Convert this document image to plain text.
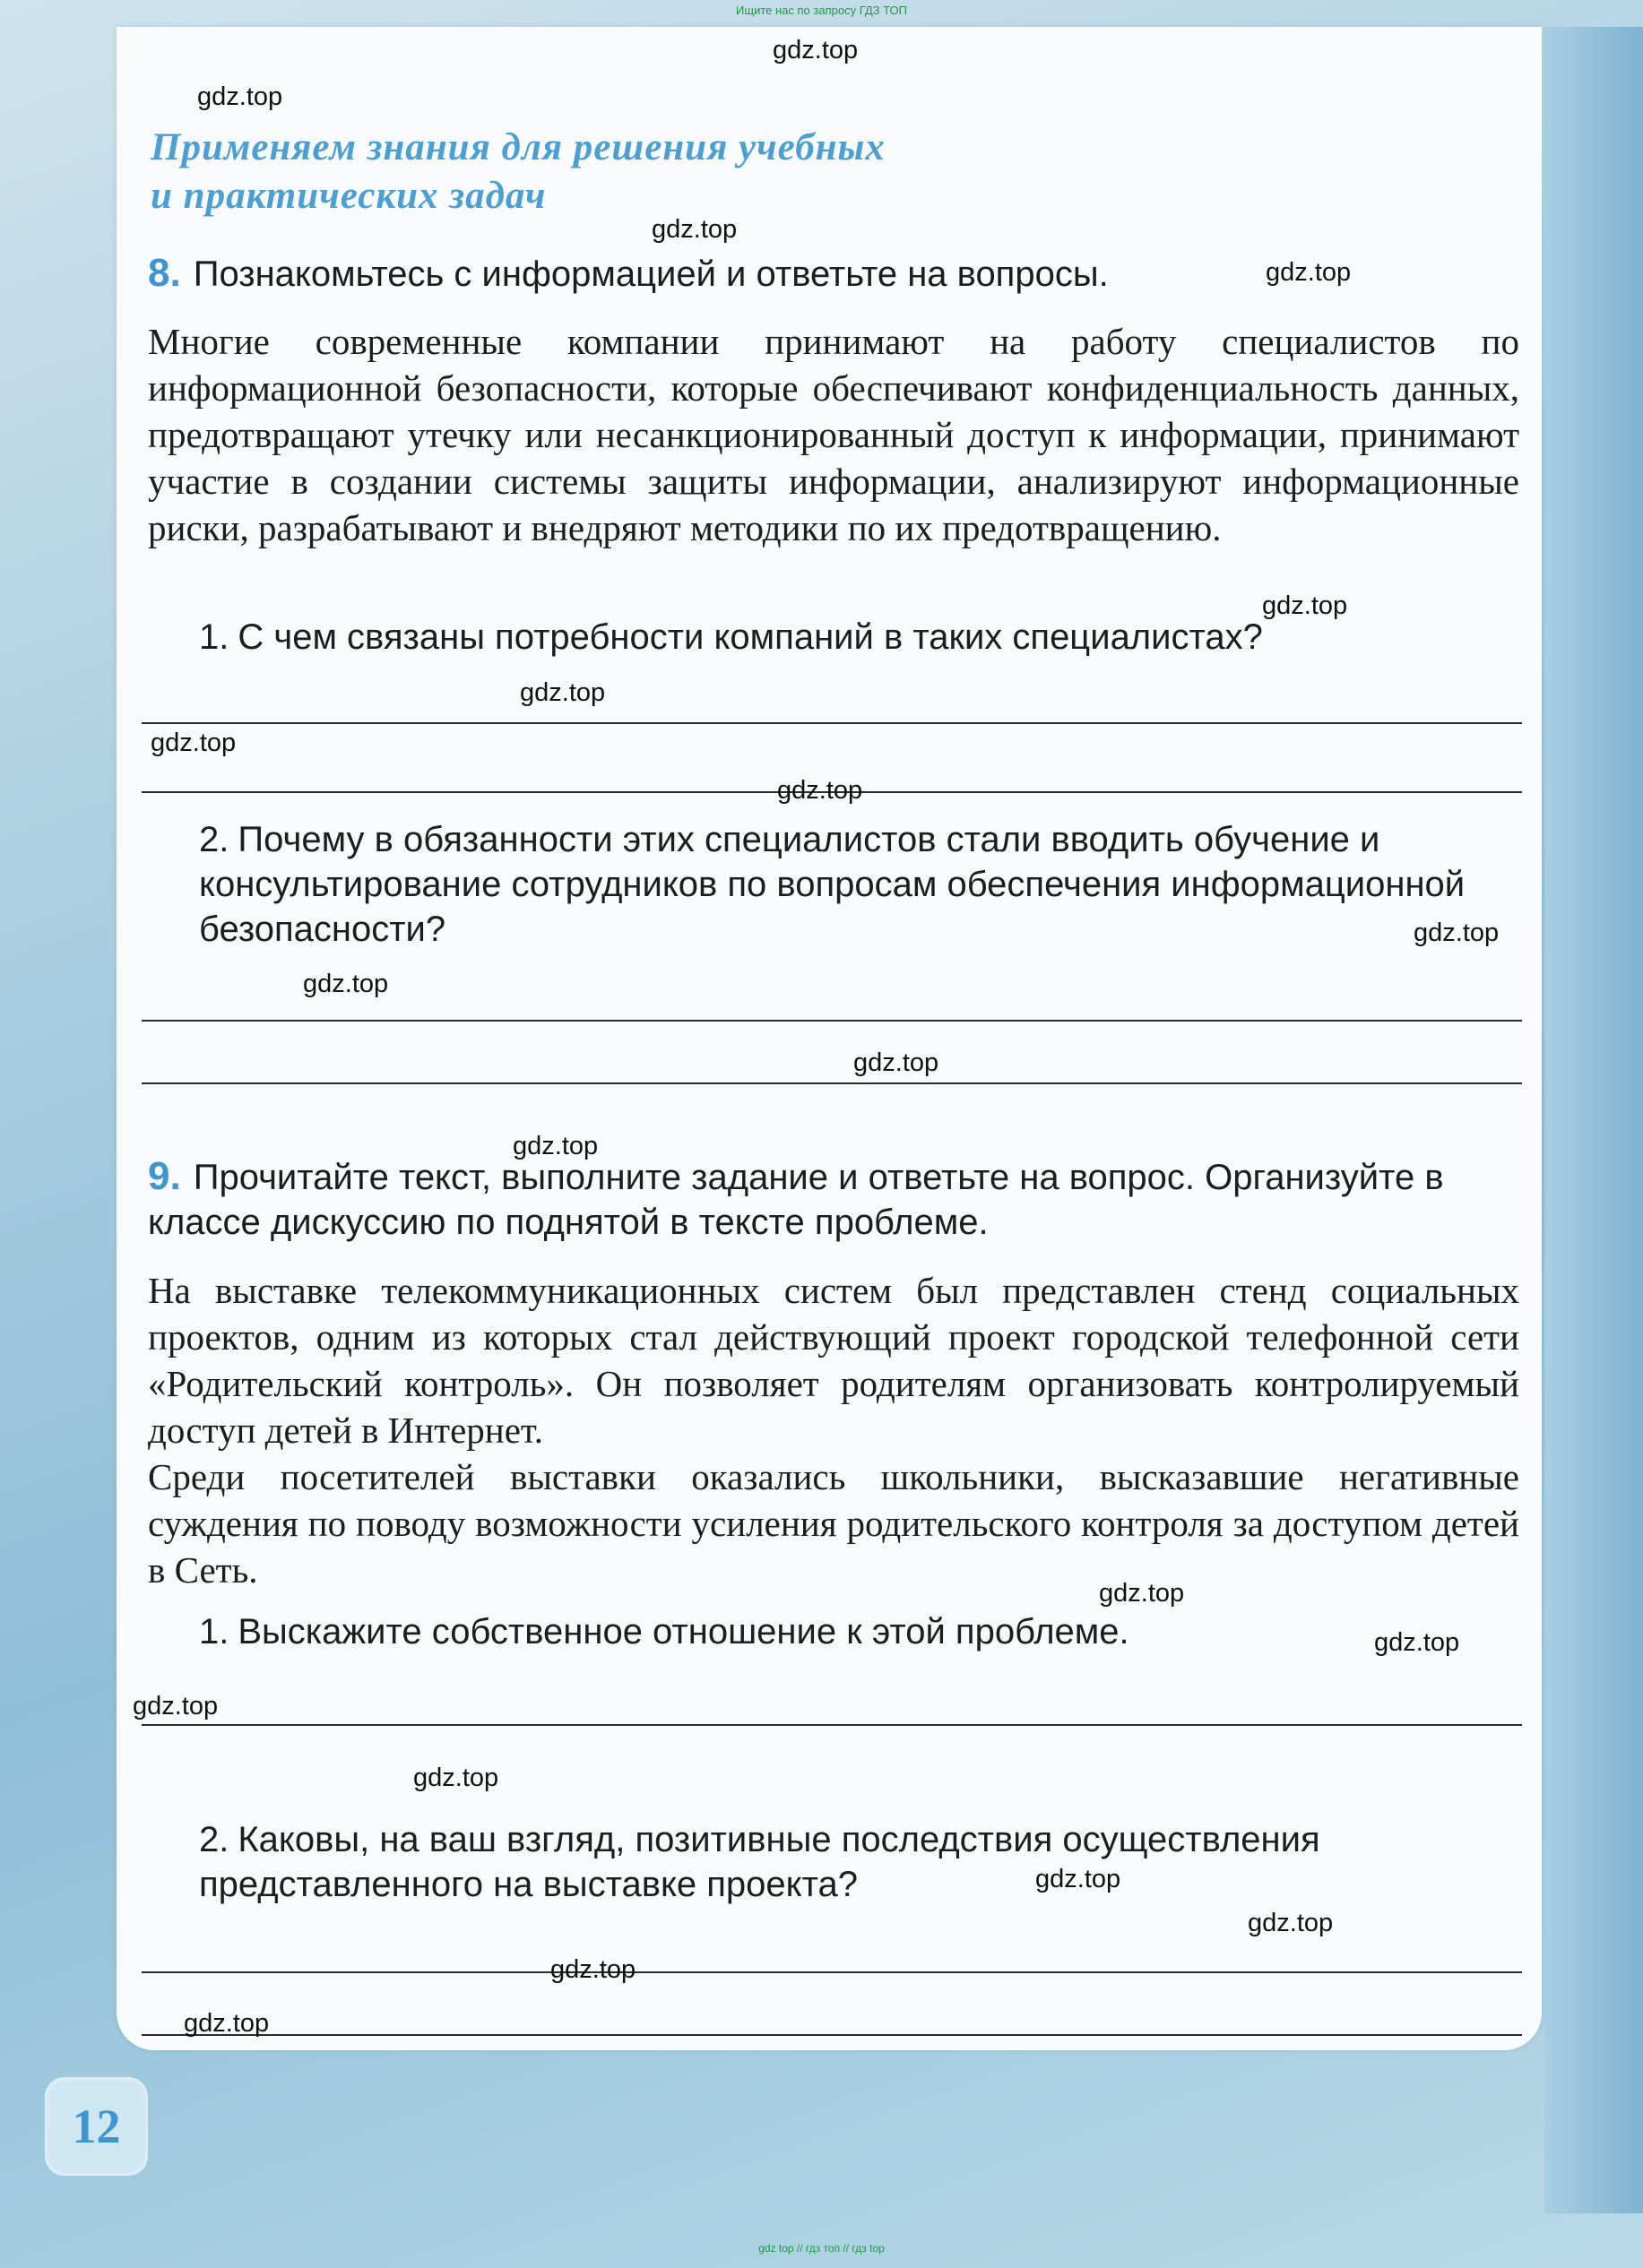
Ищите нас по запросу ГДЗ ТОП
Применяем знания для решения учебных
и практических задач
8. Познакомьтесь с информацией и ответьте на вопросы.
Многие современные компании принимают на работу специалистов по информационной безопасности, которые обеспечивают конфиденциальность данных, предотвращают утечку или несанкционированный доступ к информации, принимают участие в создании системы защиты информации, анализируют информационные риски, разрабатывают и внедряют методики по их предотвращению.
1. С чем связаны потребности компаний в таких специалистах?
2. Почему в обязанности этих специалистов стали вводить обучение и консультирование сотрудников по вопросам обеспечения информационной безопасности?
9. Прочитайте текст, выполните задание и ответьте на вопрос. Организуйте в классе дискуссию по поднятой в тексте проблеме.
На выставке телекоммуникационных систем был представлен стенд социальных проектов, одним из которых стал действующий проект городской телефонной сети «Родительский контроль». Он позволяет родителям организовать контролируемый доступ детей в Интернет.
Среди посетителей выставки оказались школьники, высказавшие негативные суждения по поводу возможности усиления родительского контроля за доступом детей в Сеть.
1. Выскажите собственное отношение к этой проблеме.
2. Каковы, на ваш взгляд, позитивные последствия осуществления представленного на выставке проекта?
gdz.top
gdz.top
gdz.top
gdz.top
gdz.top
gdz.top
gdz.top
gdz.top
gdz.top
gdz.top
gdz.top
gdz.top
gdz.top
gdz.top
gdz.top
gdz.top
gdz.top
gdz.top
gdz.top
gdz.top
12
gdz top // гдз топ // гдз top
